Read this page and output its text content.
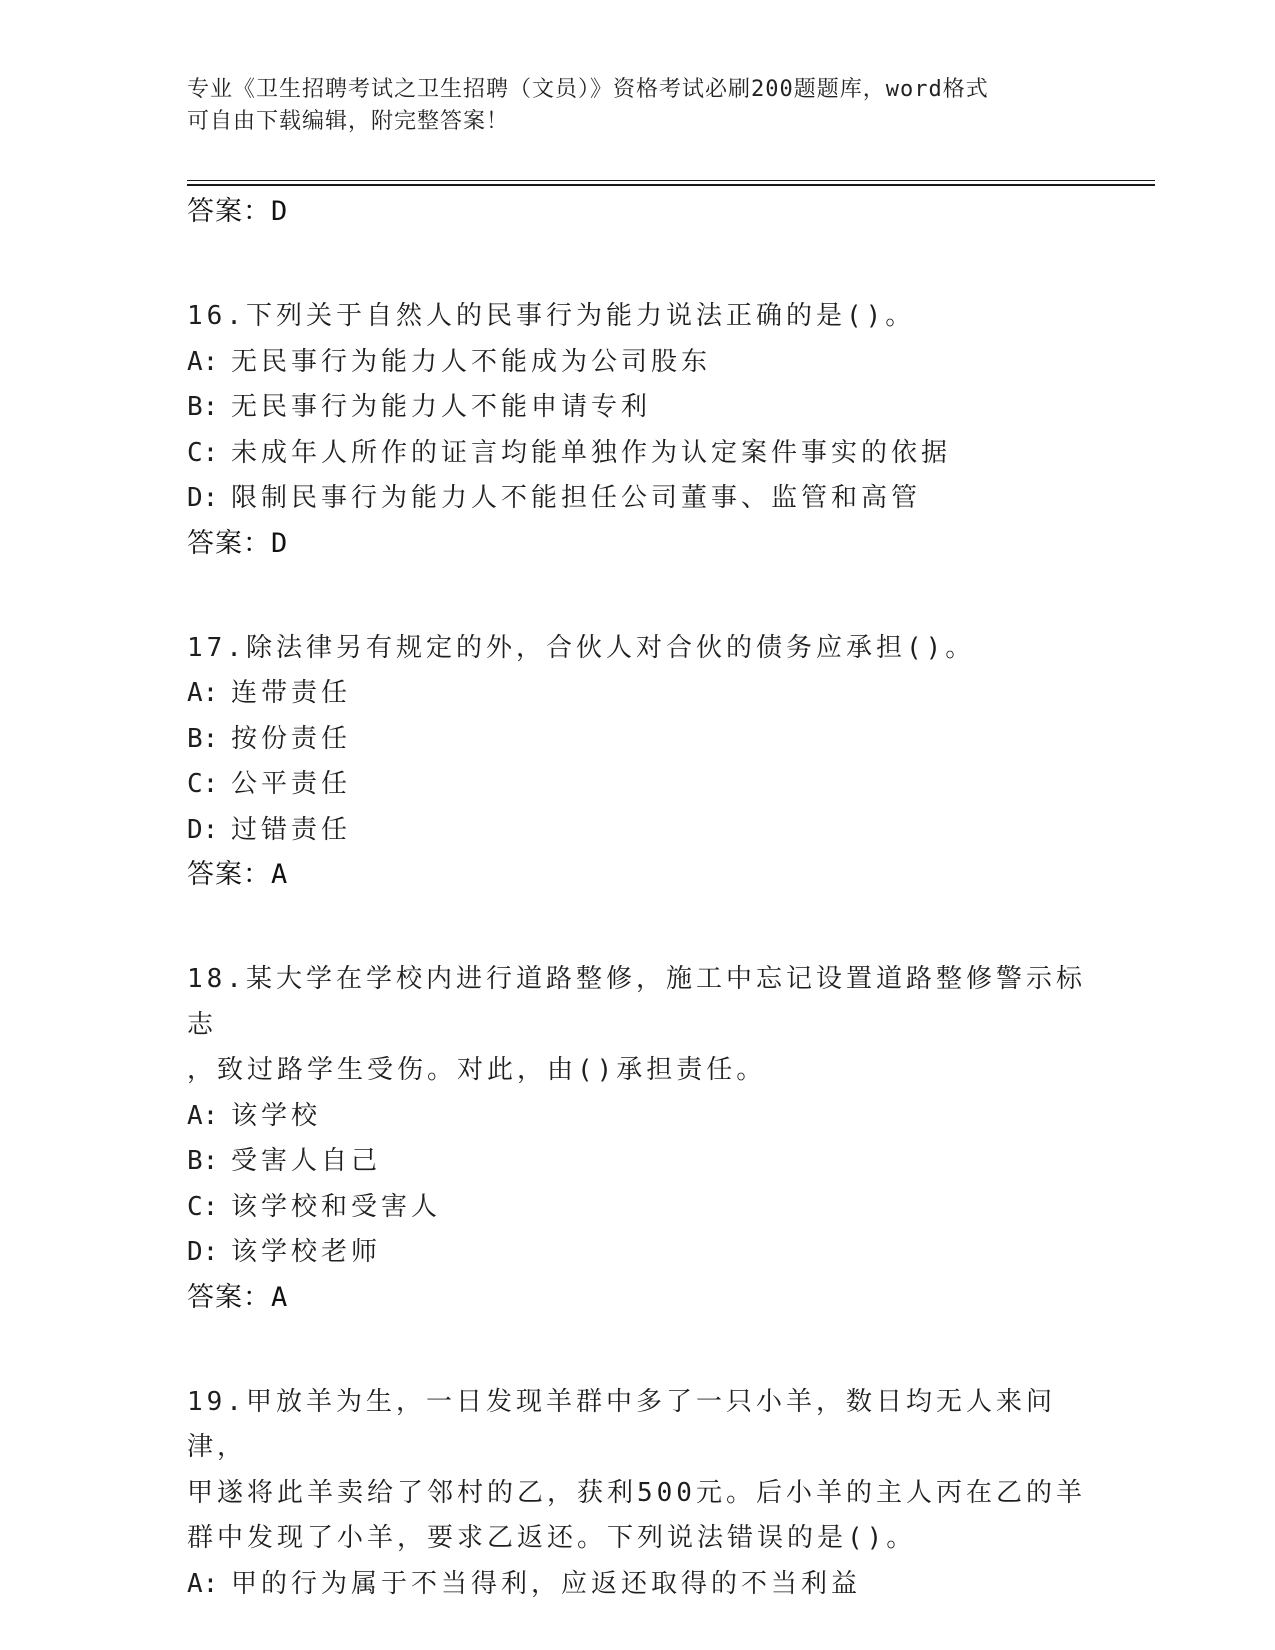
专业《卫生招聘考试之卫生招聘（文员）》资格考试必刷200题题库，word格式
可自由下载编辑，附完整答案！
答案：D
16.下列关于自然人的民事行为能力说法正确的是()。
A: 无民事行为能力人不能成为公司股东
B: 无民事行为能力人不能申请专利
C: 未成年人所作的证言均能单独作为认定案件事实的依据
D: 限制民事行为能力人不能担任公司董事、监管和高管
答案：D
17.除法律另有规定的外，合伙人对合伙的债务应承担()。
A: 连带责任
B: 按份责任
C: 公平责任
D: 过错责任
答案：A
18.某大学在学校内进行道路整修，施工中忘记设置道路整修警示标志
，致过路学生受伤。对此，由()承担责任。
A: 该学校
B: 受害人自己
C: 该学校和受害人
D: 该学校老师
答案：A
19.甲放羊为生，一日发现羊群中多了一只小羊，数日均无人来问津，
甲遂将此羊卖给了邻村的乙，获利500元。后小羊的主人丙在乙的羊
群中发现了小羊，要求乙返还。下列说法错误的是()。
A: 甲的行为属于不当得利，应返还取得的不当利益
